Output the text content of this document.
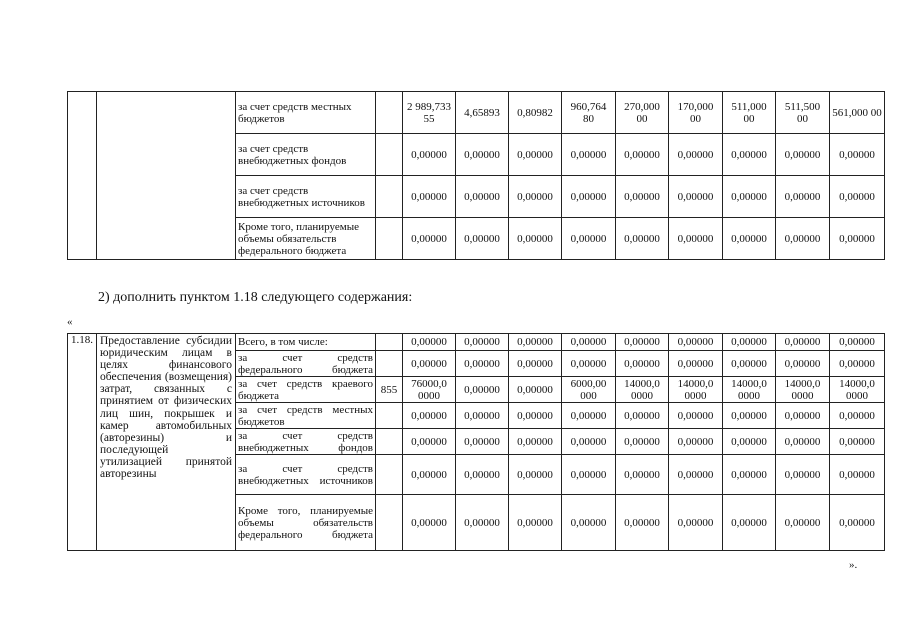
		за счет средств местных бюджетов		2 989,733 55	4,65893	0,80982	960,764 80	270,000 00	170,000 00	511,000 00	511,500 00	561,000 00
		за счет средств внебюджетных фондов		0,00000	0,00000	0,00000	0,00000	0,00000	0,00000	0,00000	0,00000	0,00000
		за счет средств внебюджетных источников		0,00000	0,00000	0,00000	0,00000	0,00000	0,00000	0,00000	0,00000	0,00000
		Кроме того, планируемые объемы обязательств федерального бюджета		0,00000	0,00000	0,00000	0,00000	0,00000	0,00000	0,00000	0,00000	0,00000
2) дополнить пунктом 1.18 следующего содержания:
«
1.18.	Предоставление субсидии юридическим лицам в целях финансового обеспечения (возмещения) затрат, связанных с принятием от физических лиц шин, покрышек и камер автомобильных (авторезины) и последующей утилизацией принятой авторезины	Всего, в том числе:		0,00000	0,00000	0,00000	0,00000	0,00000	0,00000	0,00000	0,00000	0,00000
		за счет средств федерального бюджета		0,00000	0,00000	0,00000	0,00000	0,00000	0,00000	0,00000	0,00000	0,00000
		за счет средств краевого бюджета	855	76000,0 0000	0,00000	0,00000	6000,00 000	14000,0 0000	14000,0 0000	14000,0 0000	14000,0 0000	14000,0 0000
		за счет средств местных бюджетов		0,00000	0,00000	0,00000	0,00000	0,00000	0,00000	0,00000	0,00000	0,00000
		за счет средств внебюджетных фондов		0,00000	0,00000	0,00000	0,00000	0,00000	0,00000	0,00000	0,00000	0,00000
		за счет средств внебюджетных источников		0,00000	0,00000	0,00000	0,00000	0,00000	0,00000	0,00000	0,00000	0,00000
		Кроме того, планируемые объемы обязательств федерального бюджета		0,00000	0,00000	0,00000	0,00000	0,00000	0,00000	0,00000	0,00000	0,00000
».
